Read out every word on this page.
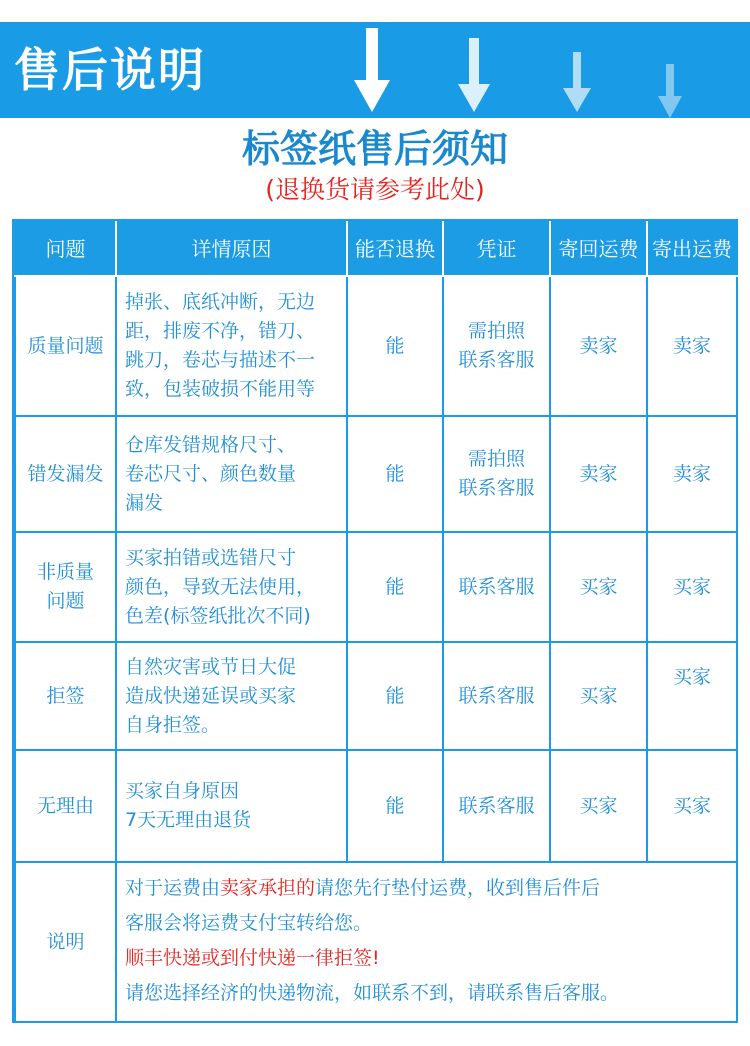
售后说明
标签纸售后须知
(退换货请参考此处)
问题	详情原因	能否退换	凭证	寄回运费	寄出运费
质量问题	掉张、底纸冲断，无边
距，排废不净，错刀、
跳刀，卷芯与描述不一
致，包装破损不能用等	能	需拍照
联系客服	卖家	卖家
错发漏发	仓库发错规格尺寸、
卷芯尺寸、颜色数量
漏发	能	需拍照
联系客服	卖家	卖家

非质量
问题	买家拍错或选错尺寸
颜色，导致无法使用，
色差(标签纸批次不同)	能	联系客服	买家	买家
拒签	自然灾害或节日大促
造成快递延误或买家
自身拒签。	能	联系客服	买家	买家
无理由	买家自身原因
7天无理由退货	能	联系客服	买家	买家
说明	对于运费由卖家承担的请您先行垫付运费，收到售后件后
客服会将运费支付宝转给您。
顺丰快递或到付快递一律拒签!
请您选择经济的快递物流，如联系不到，请联系售后客服。				
